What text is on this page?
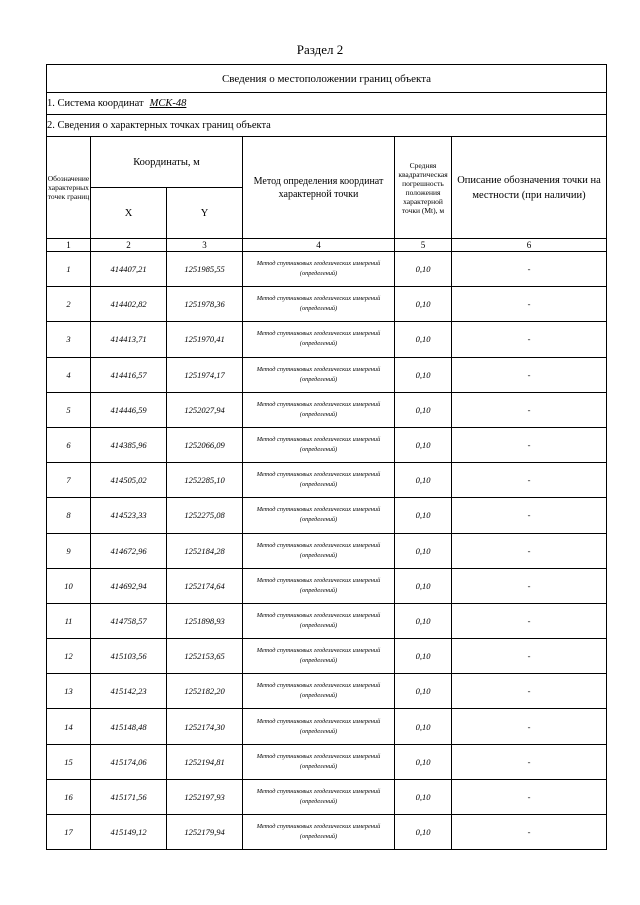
Раздел 2
Сведения о местоположении границ объекта					
1. Система координат МСК-48					
2. Сведения о характерных точках границ объекта					
Обозначение характерных точек границ	Координаты, м		Метод определения координат характерной точки	Средняя квадратическая погрешность положения характерной точки (Mt), м	Описание обозначения точки на местности (при наличии)
	X	Y			
1	2	3	4	5	6
1	414407,21	1251985,55	Метод спутниковых геодезических измерений (определений)	0,10	-
2	414402,82	1251978,36	Метод спутниковых геодезических измерений (определений)	0,10	-
3	414413,71	1251970,41	Метод спутниковых геодезических измерений (определений)	0,10	-
4	414416,57	1251974,17	Метод спутниковых геодезических измерений (определений)	0,10	-
5	414446,59	1252027,94	Метод спутниковых геодезических измерений (определений)	0,10	-
6	414385,96	1252066,09	Метод спутниковых геодезических измерений (определений)	0,10	-
7	414505,02	1252285,10	Метод спутниковых геодезических измерений (определений)	0,10	-
8	414523,33	1252275,08	Метод спутниковых геодезических измерений (определений)	0,10	-
9	414672,96	1252184,28	Метод спутниковых геодезических измерений (определений)	0,10	-
10	414692,94	1252174,64	Метод спутниковых геодезических измерений (определений)	0,10	-
11	414758,57	1251898,93	Метод спутниковых геодезических измерений (определений)	0,10	-
12	415103,56	1252153,65	Метод спутниковых геодезических измерений (определений)	0,10	-
13	415142,23	1252182,20	Метод спутниковых геодезических измерений (определений)	0,10	-
14	415148,48	1252174,30	Метод спутниковых геодезических измерений (определений)	0,10	-
15	415174,06	1252194,81	Метод спутниковых геодезических измерений (определений)	0,10	-
16	415171,56	1252197,93	Метод спутниковых геодезических измерений (определений)	0,10	-
17	415149,12	1252179,94	Метод спутниковых геодезических измерений (определений)	0,10	-
